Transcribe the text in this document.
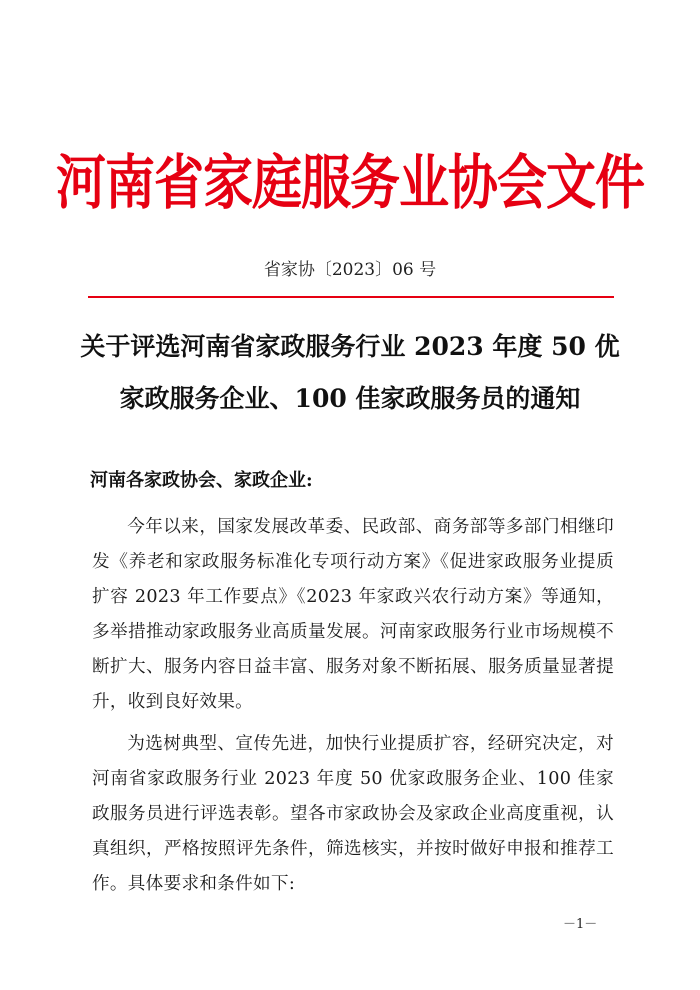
河南省家庭服务业协会文件
省家协〔2023〕06 号
关于评选河南省家政服务行业 2023 年度 50 优
家政服务企业、100 佳家政服务员的通知
河南各家政协会、家政企业:

今年以来，国家发展改革委、民政部、商务部等多部门相继印发《养老和家政服务标准化专项行动方案》《促进家政服务业提质扩容 2023 年工作要点》《2023 年家政兴农行动方案》等通知，多举措推动家政服务业高质量发展。河南家政服务行业市场规模不断扩大、服务内容日益丰富、服务对象不断拓展、服务质量显著提升，收到良好效果。

为选树典型、宣传先进，加快行业提质扩容，经研究决定，对河南省家政服务行业 2023 年度 50 优家政服务企业、100 佳家政服务员进行评选表彰。望各市家政协会及家政企业高度重视，认真组织，严格按照评先条件，筛选核实，并按时做好申报和推荐工作。具体要求和条件如下:

－1－
